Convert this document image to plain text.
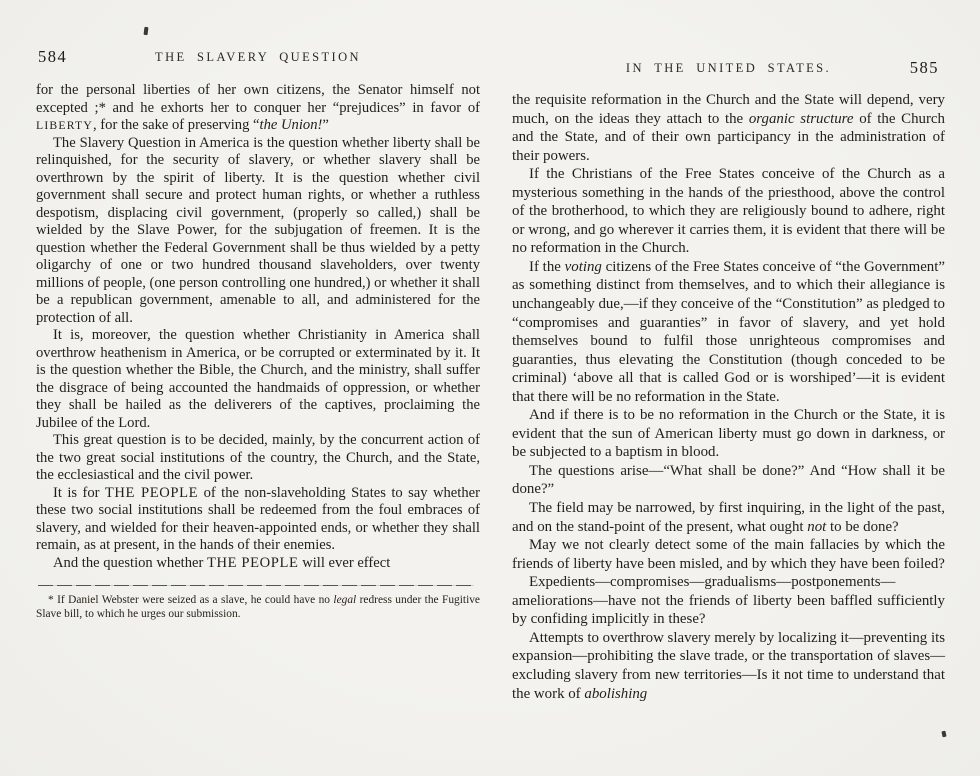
584	THE SLAVERY QUESTION

for the personal liberties of her own citizens, the Senator himself not excepted ;* and he exhorts her to conquer her “prejudices” in favor of LIBERTY, for the sake of preserving “the Union!”

The Slavery Question in America is the question whether liberty shall be relinquished, for the security of slavery, or whether slavery shall be overthrown by the spirit of liberty. It is the question whether civil government shall secure and protect human rights, or whether a ruthless despotism, displacing civil government, (properly so called,) shall be wielded by the Slave Power, for the subjugation of freemen. It is the question whether the Federal Government shall be thus wielded by a petty oligarchy of one or two hundred thousand slaveholders, over twenty millions of people, (one person controlling one hundred,) or whether it shall be a republican government, amenable to all, and administered for the protection of all.

It is, moreover, the question whether Christianity in America shall overthrow heathenism in America, or be corrupted or exterminated by it. It is the question whether the Bible, the Church, and the ministry, shall suffer the disgrace of being accounted the handmaids of oppression, or whether they shall be hailed as the deliverers of the captives, proclaiming the Jubilee of the Lord.

This great question is to be decided, mainly, by the concurrent action of the two great social institutions of the country, the Church, and the State, the ecclesiastical and the civil power.

It is for THE PEOPLE of the non-slaveholding States to say whether these two social institutions shall be redeemed from the foul embraces of slavery, and wielded for their heaven-appointed ends, or whether they shall remain, as at present, in the hands of their enemies.

And the question whether THE PEOPLE will ever effect

* If Daniel Webster were seized as a slave, he could have no legal redress under the Fugitive Slave bill, to which he urges our submission.

IN THE UNITED STATES.	585

the requisite reformation in the Church and the State will depend, very much, on the ideas they attach to the organic structure of the Church and the State, and of their own participancy in the administration of their powers.

If the Christians of the Free States conceive of the Church as a mysterious something in the hands of the priesthood, above the control of the brotherhood, to which they are religiously bound to adhere, right or wrong, and go wherever it carries them, it is evident that there will be no reformation in the Church.

If the voting citizens of the Free States conceive of “the Government” as something distinct from themselves, and to which their allegiance is unchangeably due,—if they conceive of the “Constitution” as pledged to “compromises and guaranties” in favor of slavery, and yet hold themselves bound to fulfil those unrighteous compromises and guaranties, thus elevating the Constitution (though conceded to be criminal) ‘above all that is called God or is worshiped’—it is evident that there will be no reformation in the State.

And if there is to be no reformation in the Church or the State, it is evident that the sun of American liberty must go down in darkness, or be subjected to a baptism in blood.

The questions arise—“What shall be done?” And “How shall it be done?”

The field may be narrowed, by first inquiring, in the light of the past, and on the stand-point of the present, what ought not to be done?

May we not clearly detect some of the main fallacies by which the friends of liberty have been misled, and by which they have been foiled?

Expedients—compromises—gradualisms—postponements—ameliorations—have not the friends of liberty been baffled sufficiently by confiding implicitly in these?

Attempts to overthrow slavery merely by localizing it—preventing its expansion—prohibiting the slave trade, or the transportation of slaves—excluding slavery from new territories—Is it not time to understand that the work of abolishing
